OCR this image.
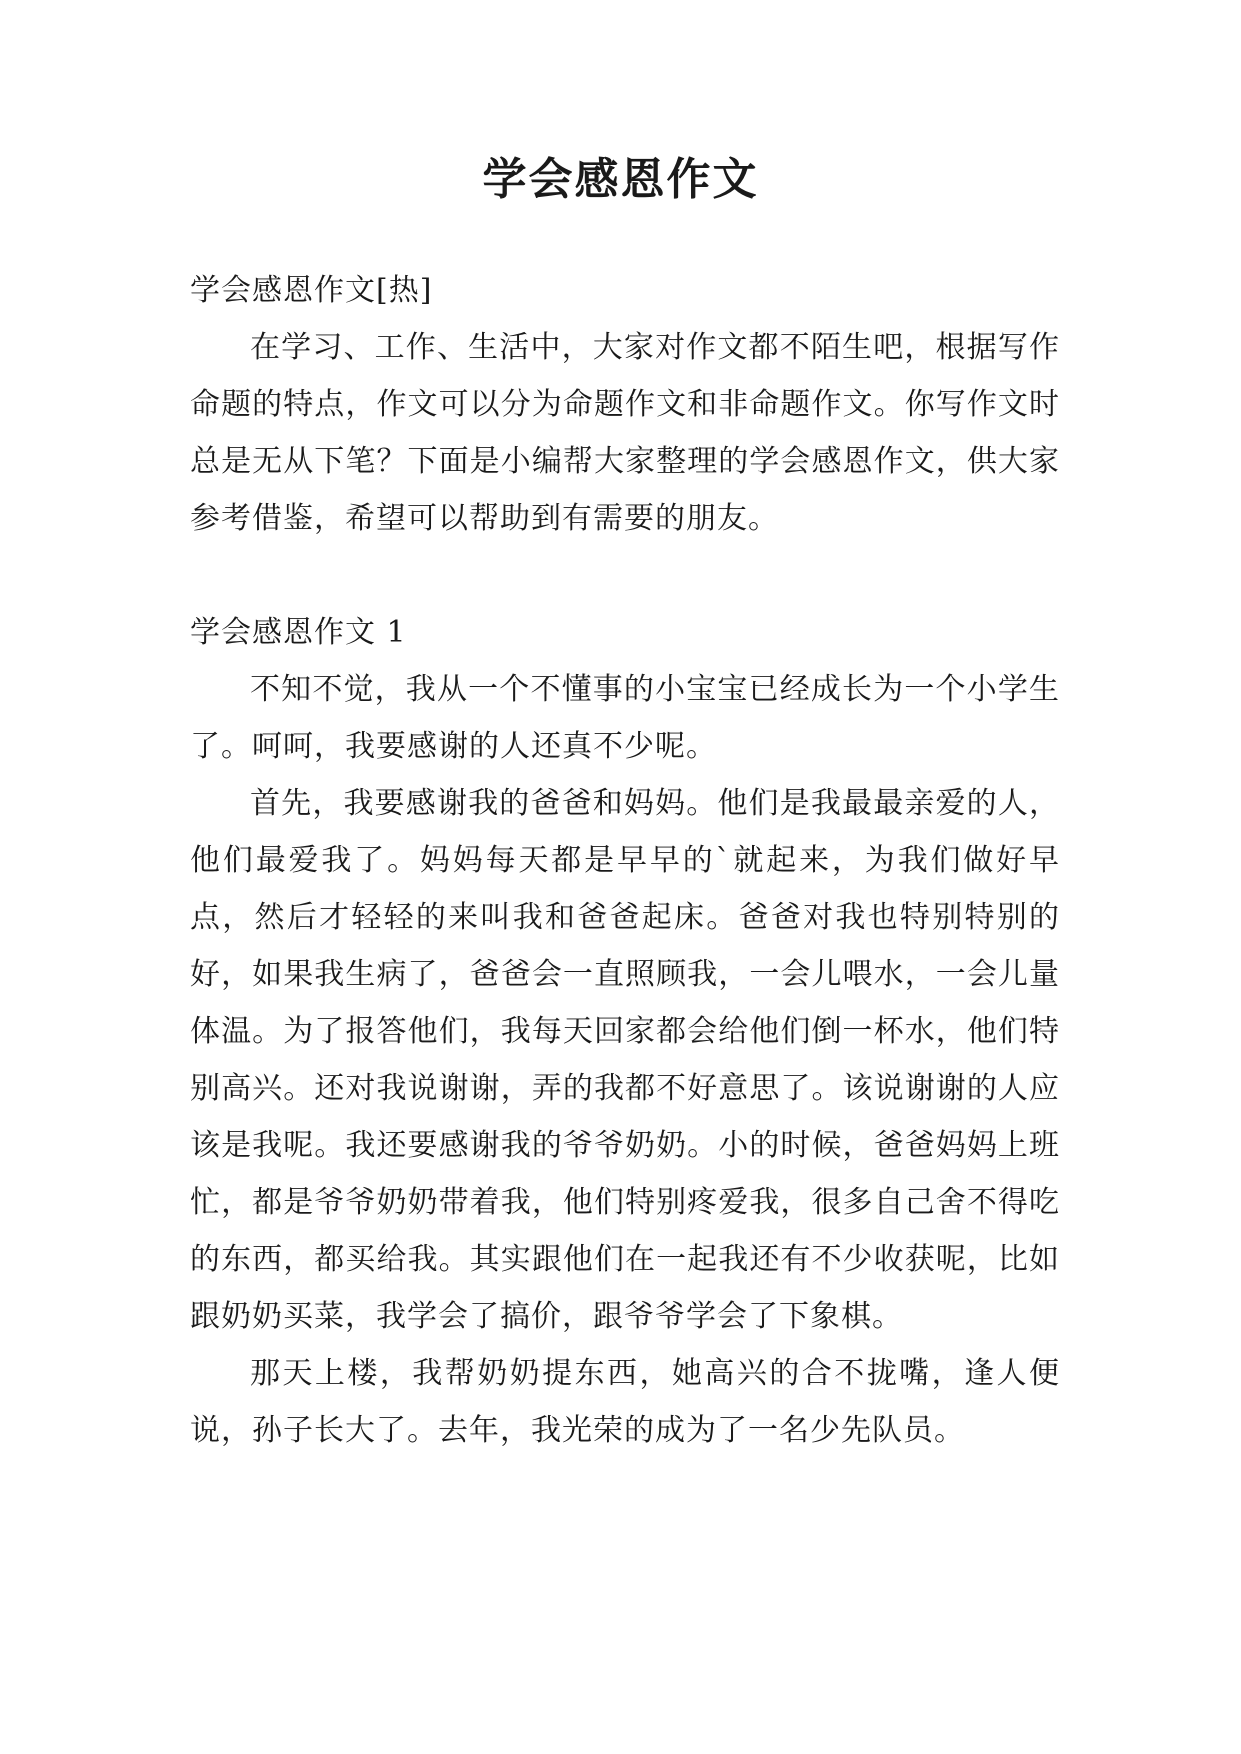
学会感恩作文

学会感恩作文[热]

在学习、工作、生活中，大家对作文都不陌生吧，根据写作命题的特点，作文可以分为命题作文和非命题作文。你写作文时总是无从下笔？下面是小编帮大家整理的学会感恩作文，供大家参考借鉴，希望可以帮助到有需要的朋友。

学会感恩作文 1

不知不觉，我从一个不懂事的小宝宝已经成长为一个小学生了。呵呵，我要感谢的人还真不少呢。

首先，我要感谢我的爸爸和妈妈。他们是我最最亲爱的人，他们最爱我了。妈妈每天都是早早的`就起来，为我们做好早点，然后才轻轻的来叫我和爸爸起床。爸爸对我也特别特别的好，如果我生病了，爸爸会一直照顾我，一会儿喂水，一会儿量体温。为了报答他们，我每天回家都会给他们倒一杯水，他们特别高兴。还对我说谢谢，弄的我都不好意思了。该说谢谢的人应该是我呢。我还要感谢我的爷爷奶奶。小的时候，爸爸妈妈上班忙，都是爷爷奶奶带着我，他们特别疼爱我，很多自己舍不得吃的东西，都买给我。其实跟他们在一起我还有不少收获呢，比如跟奶奶买菜，我学会了搞价，跟爷爷学会了下象棋。

那天上楼，我帮奶奶提东西，她高兴的合不拢嘴，逢人便说，孙子长大了。去年，我光荣的成为了一名少先队员。
